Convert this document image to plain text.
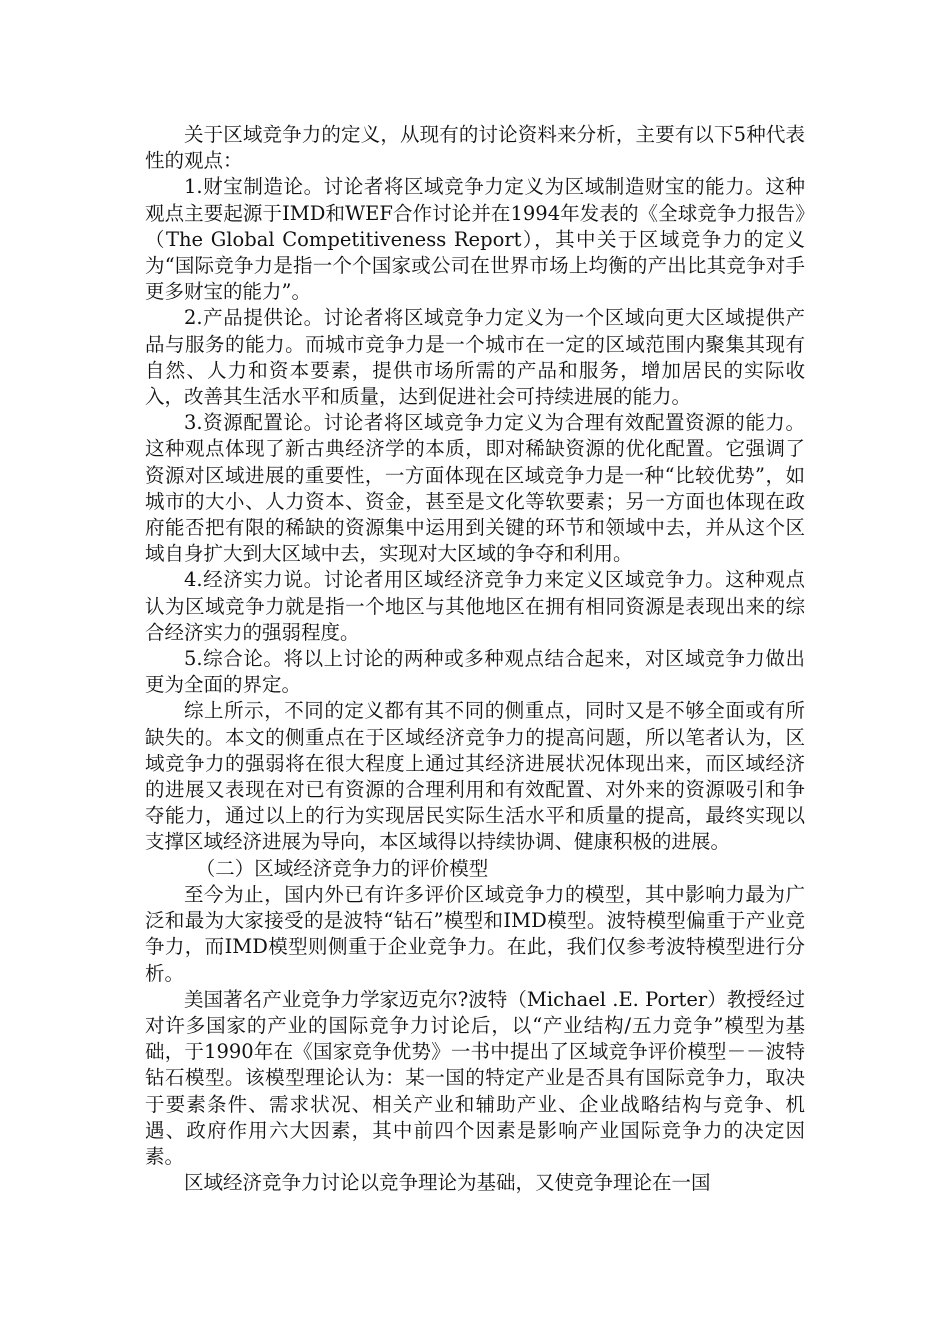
关于区域竞争力的定义，从现有的讨论资料来分析，主要有以下5种代表性的观点：

1.财宝制造论。讨论者将区域竞争力定义为区域制造财宝的能力。这种观点主要起源于IMD和WEF合作讨论并在1994年发表的《全球竞争力报告》（The Global Competitiveness Report），其中关于区域竞争力的定义为“国际竞争力是指一个个国家或公司在世界市场上均衡的产出比其竞争对手更多财宝的能力”。

2.产品提供论。讨论者将区域竞争力定义为一个区域向更大区域提供产品与服务的能力。而城市竞争力是一个城市在一定的区域范围内聚集其现有自然、人力和资本要素，提供市场所需的产品和服务，增加居民的实际收入，改善其生活水平和质量，达到促进社会可持续进展的能力。

3.资源配置论。讨论者将区域竞争力定义为合理有效配置资源的能力。这种观点体现了新古典经济学的本质，即对稀缺资源的优化配置。它强调了资源对区域进展的重要性，一方面体现在区域竞争力是一种“比较优势”，如城市的大小、人力资本、资金，甚至是文化等软要素；另一方面也体现在政府能否把有限的稀缺的资源集中运用到关键的环节和领域中去，并从这个区域自身扩大到大区域中去，实现对大区域的争夺和利用。

4.经济实力说。讨论者用区域经济竞争力来定义区域竞争力。这种观点认为区域竞争力就是指一个地区与其他地区在拥有相同资源是表现出来的综合经济实力的强弱程度。

5.综合论。将以上讨论的两种或多种观点结合起来，对区域竞争力做出更为全面的界定。

综上所示，不同的定义都有其不同的侧重点，同时又是不够全面或有所缺失的。本文的侧重点在于区域经济竞争力的提高问题，所以笔者认为，区域竞争力的强弱将在很大程度上通过其经济进展状况体现出来，而区域经济的进展又表现在对已有资源的合理利用和有效配置、对外来的资源吸引和争夺能力，通过以上的行为实现居民实际生活水平和质量的提高，最终实现以支撑区域经济进展为导向，本区域得以持续协调、健康积极的进展。

（二）区域经济竞争力的评价模型

至今为止，国内外已有许多评价区域竞争力的模型，其中影响力最为广泛和最为大家接受的是波特“钻石”模型和IMD模型。波特模型偏重于产业竞争力，而IMD模型则侧重于企业竞争力。在此，我们仅参考波特模型进行分析。

美国著名产业竞争力学家迈克尔?波特（Michael .E. Porter）教授经过对许多国家的产业的国际竞争力讨论后，以“产业结构/五力竞争”模型为基础，于1990年在《国家竞争优势》一书中提出了区域竞争评价模型－－波特钻石模型。该模型理论认为：某一国的特定产业是否具有国际竞争力，取决于要素条件、需求状况、相关产业和辅助产业、企业战略结构与竞争、机遇、政府作用六大因素，其中前四个因素是影响产业国际竞争力的决定因素。

区域经济竞争力讨论以竞争理论为基础，又使竞争理论在一国
